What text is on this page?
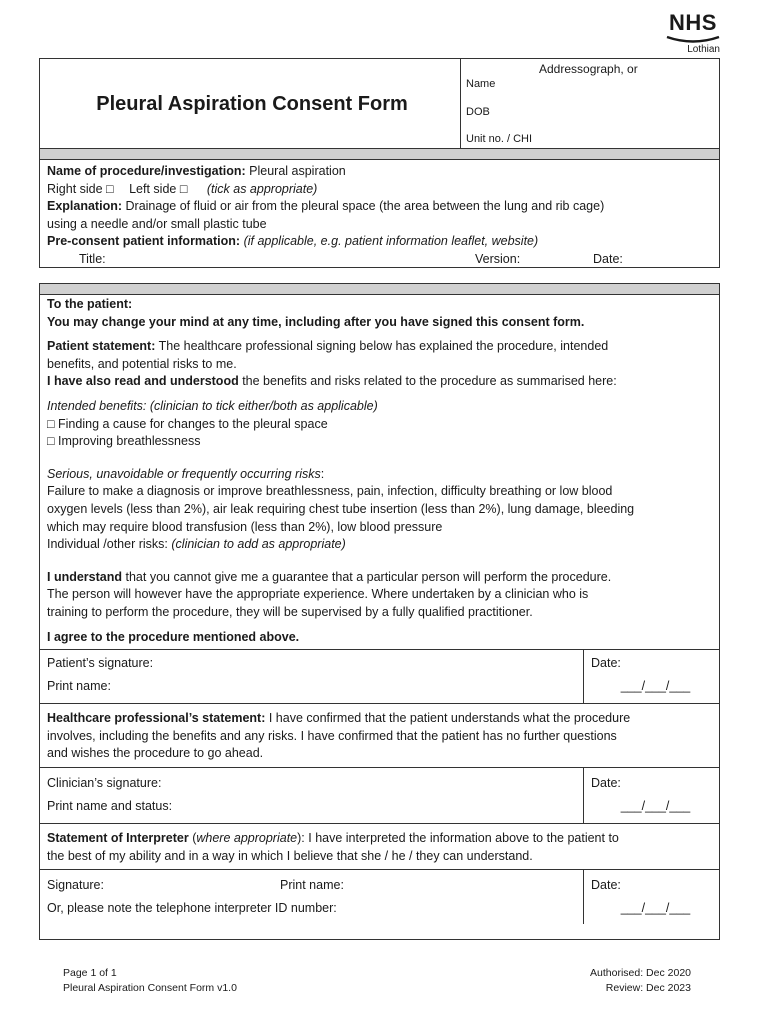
NHS
Lothian
Pleural Aspiration Consent Form
Addressograph, or
Name
DOB
Unit no. / CHI
Name of procedure/investigation: Pleural aspiration
Right side □ Left side □ (tick as appropriate)
Explanation: Drainage of fluid or air from the pleural space (the area between the lung and rib cage)
using a needle and/or small plastic tube
Pre-consent patient information: (if applicable, e.g. patient information leaflet, website)
Title:	Version:	Date:
To the patient:
You may change your mind at any time, including after you have signed this consent form.
Patient statement: The healthcare professional signing below has explained the procedure, intended
benefits, and potential risks to me.
I have also read and understood the benefits and risks related to the procedure as summarised here:
Intended benefits: (clinician to tick either/both as applicable)
□ Finding a cause for changes to the pleural space
□ Improving breathlessness
Serious, unavoidable or frequently occurring risks:
Failure to make a diagnosis or improve breathlessness, pain, infection, difficulty breathing or low blood
oxygen levels (less than 2%), air leak requiring chest tube insertion (less than 2%), lung damage, bleeding
which may require blood transfusion (less than 2%), low blood pressure
Individual /other risks: (clinician to add as appropriate)
I understand that you cannot give me a guarantee that a particular person will perform the procedure.
The person will however have the appropriate experience. Where undertaken by a clinician who is
training to perform the procedure, they will be supervised by a fully qualified practitioner.
I agree to the procedure mentioned above.
Patient’s signature:
Print name:
Date:
___/___/___
Healthcare professional’s statement: I have confirmed that the patient understands what the procedure
involves, including the benefits and any risks. I have confirmed that the patient has no further questions
and wishes the procedure to go ahead.
Clinician’s signature:
Print name and status:
Date:
___/___/___
Statement of Interpreter (where appropriate): I have interpreted the information above to the patient to
the best of my ability and in a way in which I believe that she / he / they can understand.
Signature:	Print name:
Or, please note the telephone interpreter ID number:
Date:
___/___/___
Page 1 of 1
Pleural Aspiration Consent Form v1.0
Authorised: Dec 2020
Review: Dec 2023
